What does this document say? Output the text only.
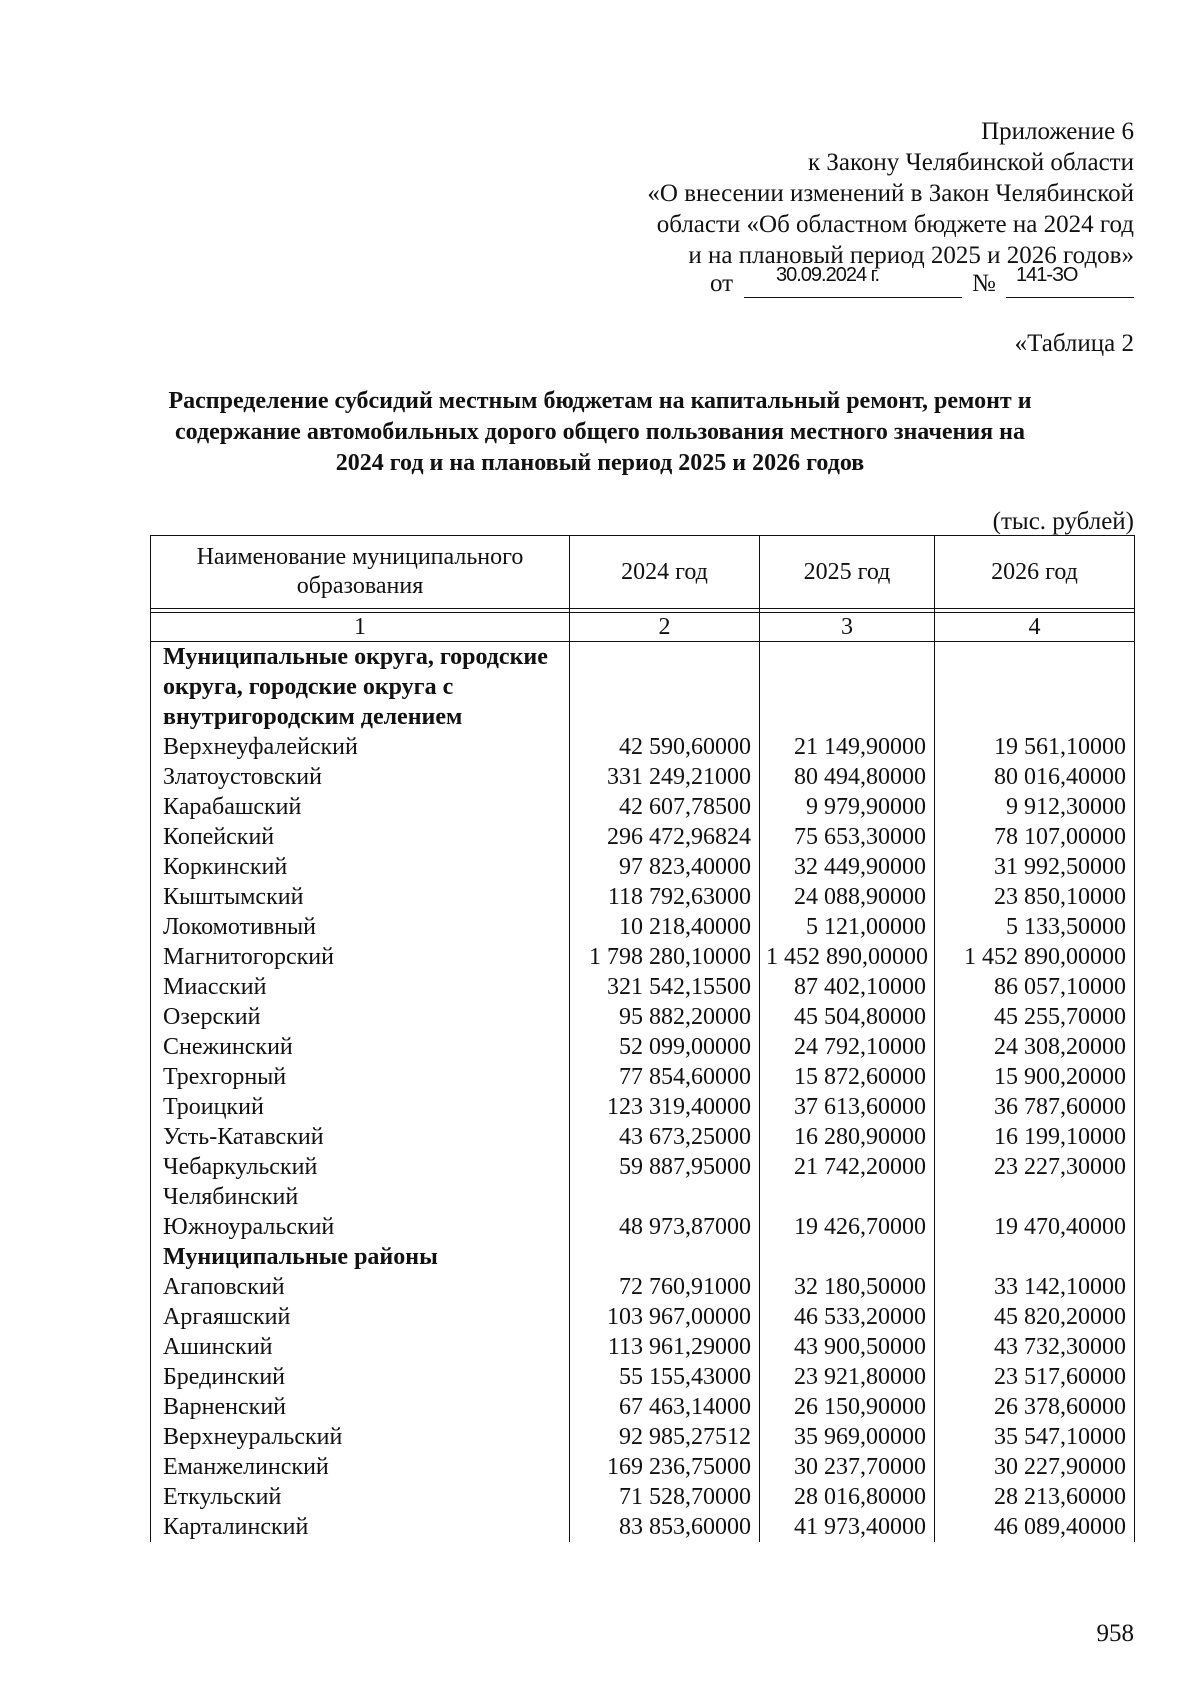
Приложение 6
к Закону Челябинской области
«О внесении изменений в Закон Челябинской
области «Об областном бюджете на 2024 год
и на плановый период 2025 и 2026 годов»
от 30.09.2024 г.	№ 141-ЗО
«Таблица 2
Распределение субсидий местным бюджетам на капитальный ремонт, ремонт и содержание автомобильных дорого общего пользования местного значения на 2024 год и на плановый период 2025 и 2026 годов
(тыс. рублей)
Наименование муниципального образования	2024 год	2025 год	2026 год

1	2	3	4
Муниципальные округа, городские округа, городские округа с внутригородским делением			
Верхнеуфалейский	42 590,60000	21 149,90000	19 561,10000
Златоустовский	331 249,21000	80 494,80000	80 016,40000
Карабашский	42 607,78500	9 979,90000	9 912,30000
Копейский	296 472,96824	75 653,30000	78 107,00000
Коркинский	97 823,40000	32 449,90000	31 992,50000
Кыштымский	118 792,63000	24 088,90000	23 850,10000
Локомотивный	10 218,40000	5 121,00000	5 133,50000
Магнитогорский	1 798 280,10000	1 452 890,00000	1 452 890,00000
Миасский	321 542,15500	87 402,10000	86 057,10000
Озерский	95 882,20000	45 504,80000	45 255,70000
Снежинский	52 099,00000	24 792,10000	24 308,20000
Трехгорный	77 854,60000	15 872,60000	15 900,20000
Троицкий	123 319,40000	37 613,60000	36 787,60000
Усть-Катавский	43 673,25000	16 280,90000	16 199,10000
Чебаркульский	59 887,95000	21 742,20000	23 227,30000
Челябинский			
Южноуральский	48 973,87000	19 426,70000	19 470,40000
Муниципальные районы			
Агаповский	72 760,91000	32 180,50000	33 142,10000
Аргаяшский	103 967,00000	46 533,20000	45 820,20000
Ашинский	113 961,29000	43 900,50000	43 732,30000
Брединский	55 155,43000	23 921,80000	23 517,60000
Варненский	67 463,14000	26 150,90000	26 378,60000
Верхнеуральский	92 985,27512	35 969,00000	35 547,10000
Еманжелинский	169 236,75000	30 237,70000	30 227,90000
Еткульский	71 528,70000	28 016,80000	28 213,60000
Карталинский	83 853,60000	41 973,40000	46 089,40000
958
